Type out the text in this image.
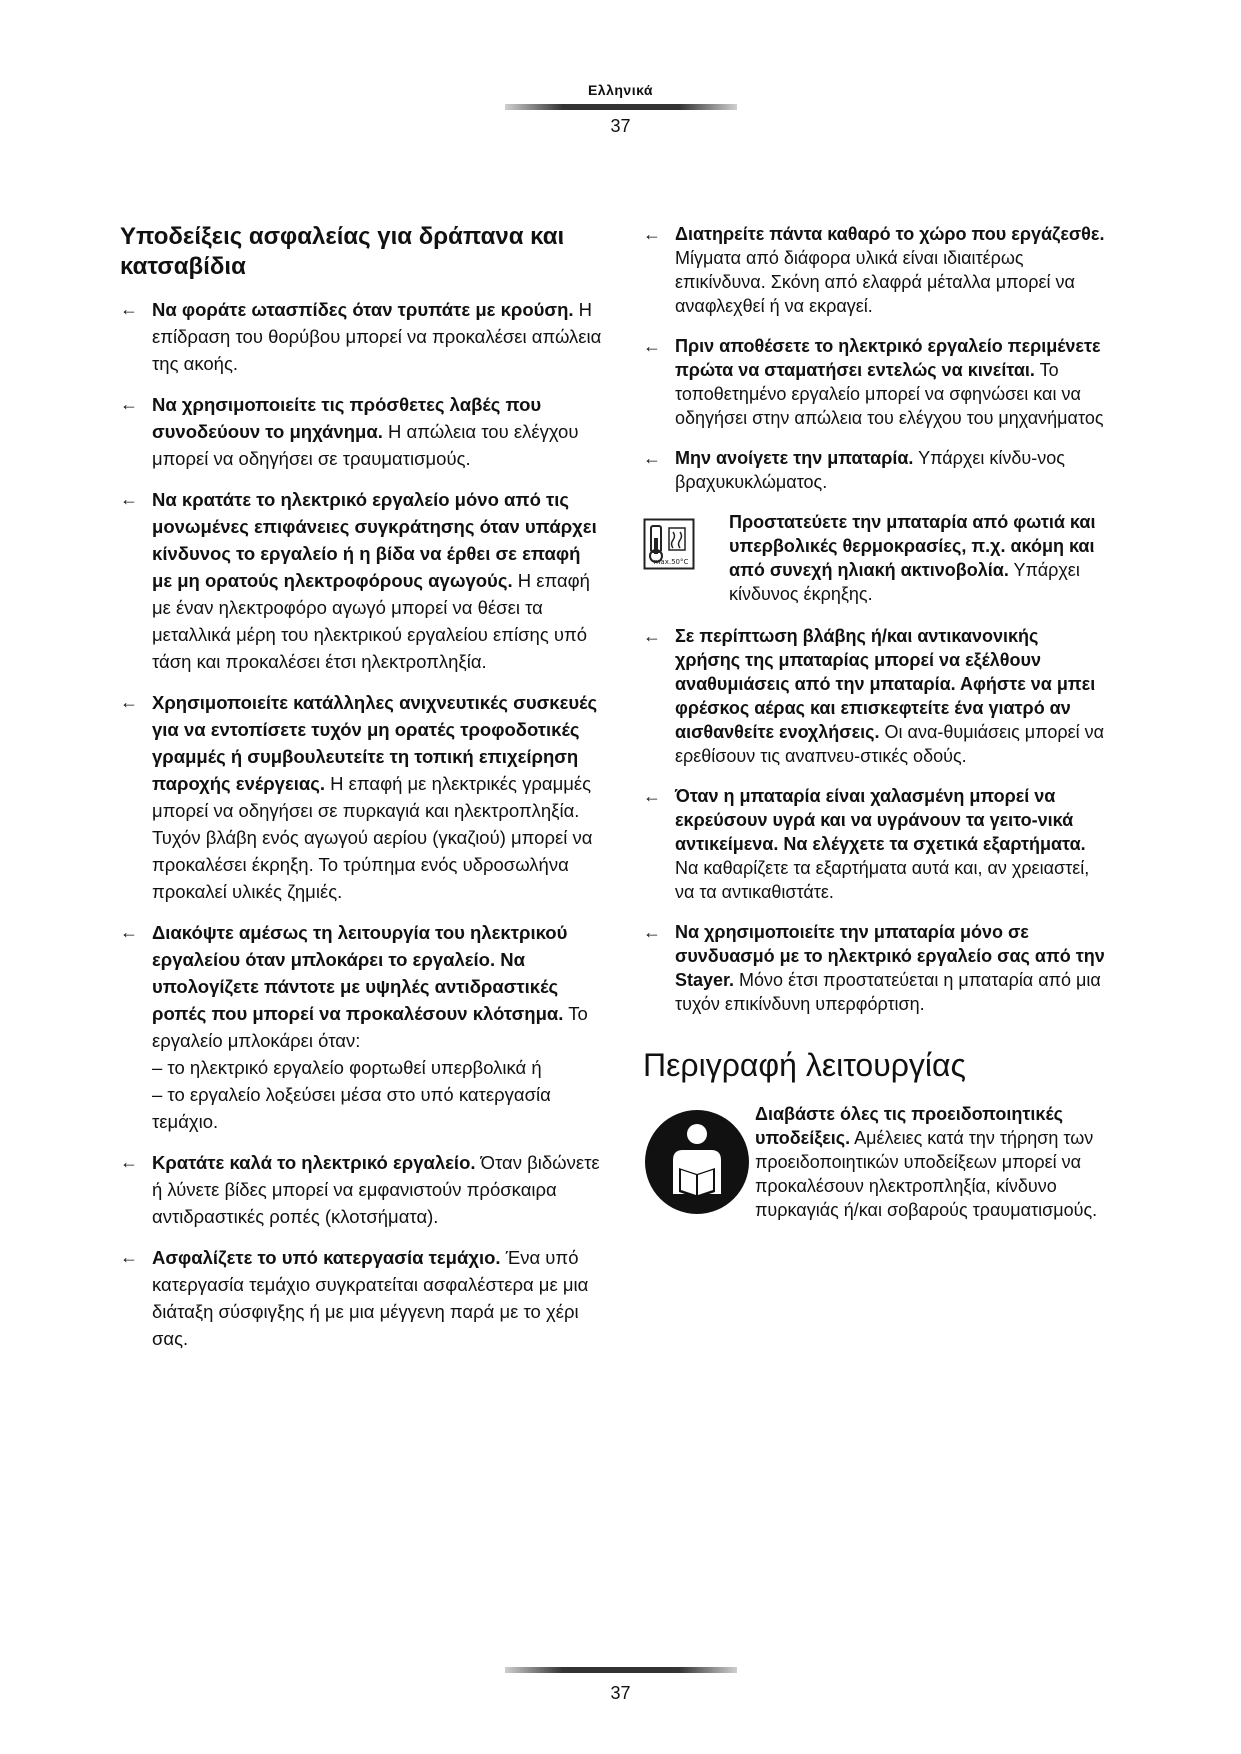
Ελληνικά
37
Υποδείξεις ασφαλείας για δράπανα και κατσαβίδια
← Να φοράτε ωτασπίδες όταν τρυπάτε με κρούση. Η επίδραση του θορύβου μπορεί να προκαλέσει απώλεια της ακοής.
← Να χρησιμοποιείτε τις πρόσθετες λαβές που συνοδεύουν το μηχάνημα. Η απώλεια του ελέγχου μπορεί να οδηγήσει σε τραυματισμούς.
← Να κρατάτε το ηλεκτρικό εργαλείο μόνο από τις μονωμένες επιφάνειες συγκράτησης όταν υπάρχει κίνδυνος το εργαλείο ή η βίδα να έρθει σε επαφή με μη ορατούς ηλεκτροφόρους αγωγούς. Η επαφή με έναν ηλεκτροφόρο αγωγό μπορεί να θέσει τα μεταλλικά μέρη του ηλεκτρικού εργαλείου επίσης υπό τάση και προκαλέσει έτσι ηλεκτροπληξία.
← Χρησιμοποιείτε κατάλληλες ανιχνευτικές συσκευές για να εντοπίσετε τυχόν μη ορατές τροφοδοτικές γραμμές ή συμβουλευτείτε τη τοπική επιχείρηση παροχής ενέργειας. Η επαφή με ηλεκτρικές γραμμές μπορεί να οδηγήσει σε πυρκαγιά και ηλεκτροπληξία. Τυχόν βλάβη ενός αγωγού αερίου (γκαζιού) μπορεί να προκαλέσει έκρηξη. Το τρύπημα ενός υδροσωλήνα προκαλεί υλικές ζημιές.
← Διακόψτε αμέσως τη λειτουργία του ηλεκτρικού εργαλείου όταν μπλοκάρει το εργαλείο. Να υπολογίζετε πάντοτε με υψηλές αντιδραστικές ροπές που μπορεί να προκαλέσουν κλότσημα. Το εργαλείο μπλοκάρει όταν:
– το ηλεκτρικό εργαλείο φορτωθεί υπερβολικά ή
– το εργαλείο λοξεύσει μέσα στο υπό κατεργασία τεμάχιο.
← Κρατάτε καλά το ηλεκτρικό εργαλείο. Όταν βιδώνετε ή λύνετε βίδες μπορεί να εμφανιστούν πρόσκαιρα αντιδραστικές ροπές (κλοτσήματα).
← Ασφαλίζετε το υπό κατεργασία τεμάχιο. Ένα υπό κατεργασία τεμάχιο συγκρατείται ασφαλέστερα με μια διάταξη σύσφιγξης ή με μια μέγγενη παρά με το χέρι σας.
← Διατηρείτε πάντα καθαρό το χώρο που εργάζεσθε. Μίγματα από διάφορα υλικά είναι ιδιαιτέρως επικίνδυνα. Σκόνη από ελαφρά μέταλλα μπορεί να αναφλεχθεί ή να εκραγεί.
← Πριν αποθέσετε το ηλεκτρικό εργαλείο περιμένετε πρώτα να σταματήσει εντελώς να κινείται. Το τοποθετημένο εργαλείο μπορεί να σφηνώσει και να οδηγήσει στην απώλεια του ελέγχου του μηχανήματος
← Μην ανοίγετε την μπαταρία. Υπάρχει κίνδυ-νος βραχυκυκλώματος.
max.50°C
Προστατεύετε την μπαταρία από φωτιά και υπερβολικές θερμοκρασίες, π.χ. ακόμη και από συνεχή ηλιακή ακτινοβολία. Υπάρχει κίνδυνος έκρηξης.
← Σε περίπτωση βλάβης ή/και αντικανονικής χρήσης της μπαταρίας μπορεί να εξέλθουν αναθυμιάσεις από την μπαταρία. Αφήστε να μπει φρέσκος αέρας και επισκεφτείτε ένα γιατρό αν αισθανθείτε ενοχλήσεις. Οι ανα-θυμιάσεις μπορεί να ερεθίσουν τις αναπνευ-στικές οδούς.
← Όταν η μπαταρία είναι χαλασμένη μπορεί να εκρεύσουν υγρά και να υγράνουν τα γειτο-νικά αντικείμενα. Να ελέγχετε τα σχετικά εξαρτήματα. Να καθαρίζετε τα εξαρτήματα αυτά και, αν χρειαστεί, να τα αντικαθιστάτε.
← Να χρησιμοποιείτε την μπαταρία μόνο σε συνδυασμό με το ηλεκτρικό εργαλείο σας από την Stayer. Μόνο έτσι προστατεύεται η μπαταρία από μια τυχόν επικίνδυνη υπερφόρτιση.
Περιγραφή λειτουργίας
Διαβάστε όλες τις προειδοποιητικές υποδείξεις. Αμέλειες κατά την τήρηση των προειδοποιητικών υποδείξεων μπορεί να προκαλέσουν ηλεκτροπληξία, κίνδυνο πυρκαγιάς ή/και σοβαρούς τραυματισμούς.
37
